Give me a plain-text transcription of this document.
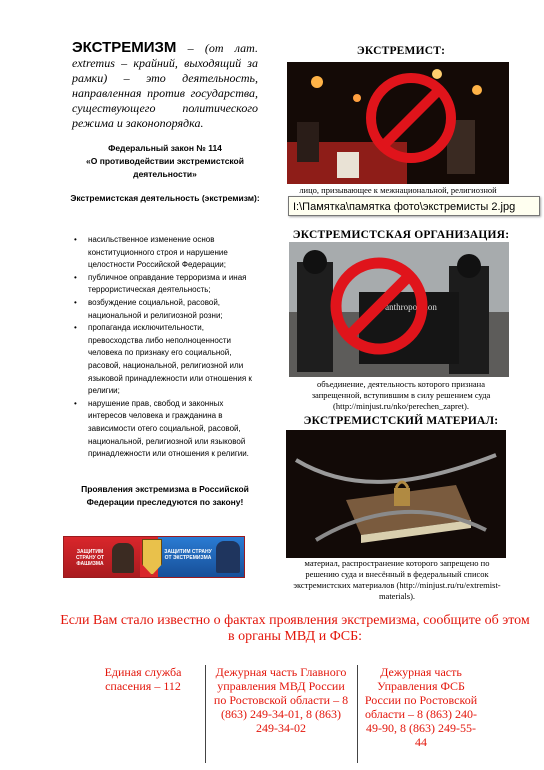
ЭКСТРЕМИЗМ – (от лат. extremus – крайний, выходящий за рамки) – это деятельность, направленная против государства, существующего политического режима и законопорядка.
Федеральный закон № 114
«О противодействии экстремистской деятельности»
Экстремистская деятельность (экстремизм):
• насильственное изменение основ конституционного строя и нарушение целостности Российской Федерации;
• публичное оправдание терроризма и иная террористическая деятельность;
• возбуждение социальной, расовой, национальной и религиозной розни;
• пропаганда исключительности, превосходства либо неполноценности человека по признаку его социальной, расовой, национальной, религиозной или языковой принадлежности или отношения к религии;
• нарушение прав, свобод и законных интересов человека и гражданина в зависимости отего социальной, расовой, национальной, религиозной или языковой принадлежности или отношения к религии.
Проявления экстремизма в Российской Федерации преследуются по закону!
ЗАЩИТИМ СТРАНУ ОТ ФАШИЗМА
ЗАЩИТИМ СТРАНУ ОТ ЭКСТРЕМИЗМА
ЭКСТРЕМИСТ:
лицо, призывающее к межнациональной, религиозной
I:\Памятка\памятка фото\экстремисты 2.jpg
ЭКСТРЕМИСТСКАЯ ОРГАНИЗАЦИЯ:
anthropo ision
объединение, деятельность которого признана запрещенной, вступившим в силу решением суда (http://minjust.ru/nko/perechen_zapret).
ЭКСТРЕМИСТСКИЙ МАТЕРИАЛ:
материал, распространение которого запрещено по решению суда и внесённый в федеральный список экстремистских материалов (http://minjust.ru/ru/extremist-materials).
Если Вам стало известно о фактах проявления экстремизма, сообщите об этом в органы МВД и ФСБ:
Единая служба спасения – 112
Дежурная часть Главного управления МВД России по Ростовской области – 8 (863) 249-34-01, 8 (863) 249-34-02
Дежурная часть Управления ФСБ России по Ростовской области – 8 (863) 240-49-90, 8 (863) 249-55-44
